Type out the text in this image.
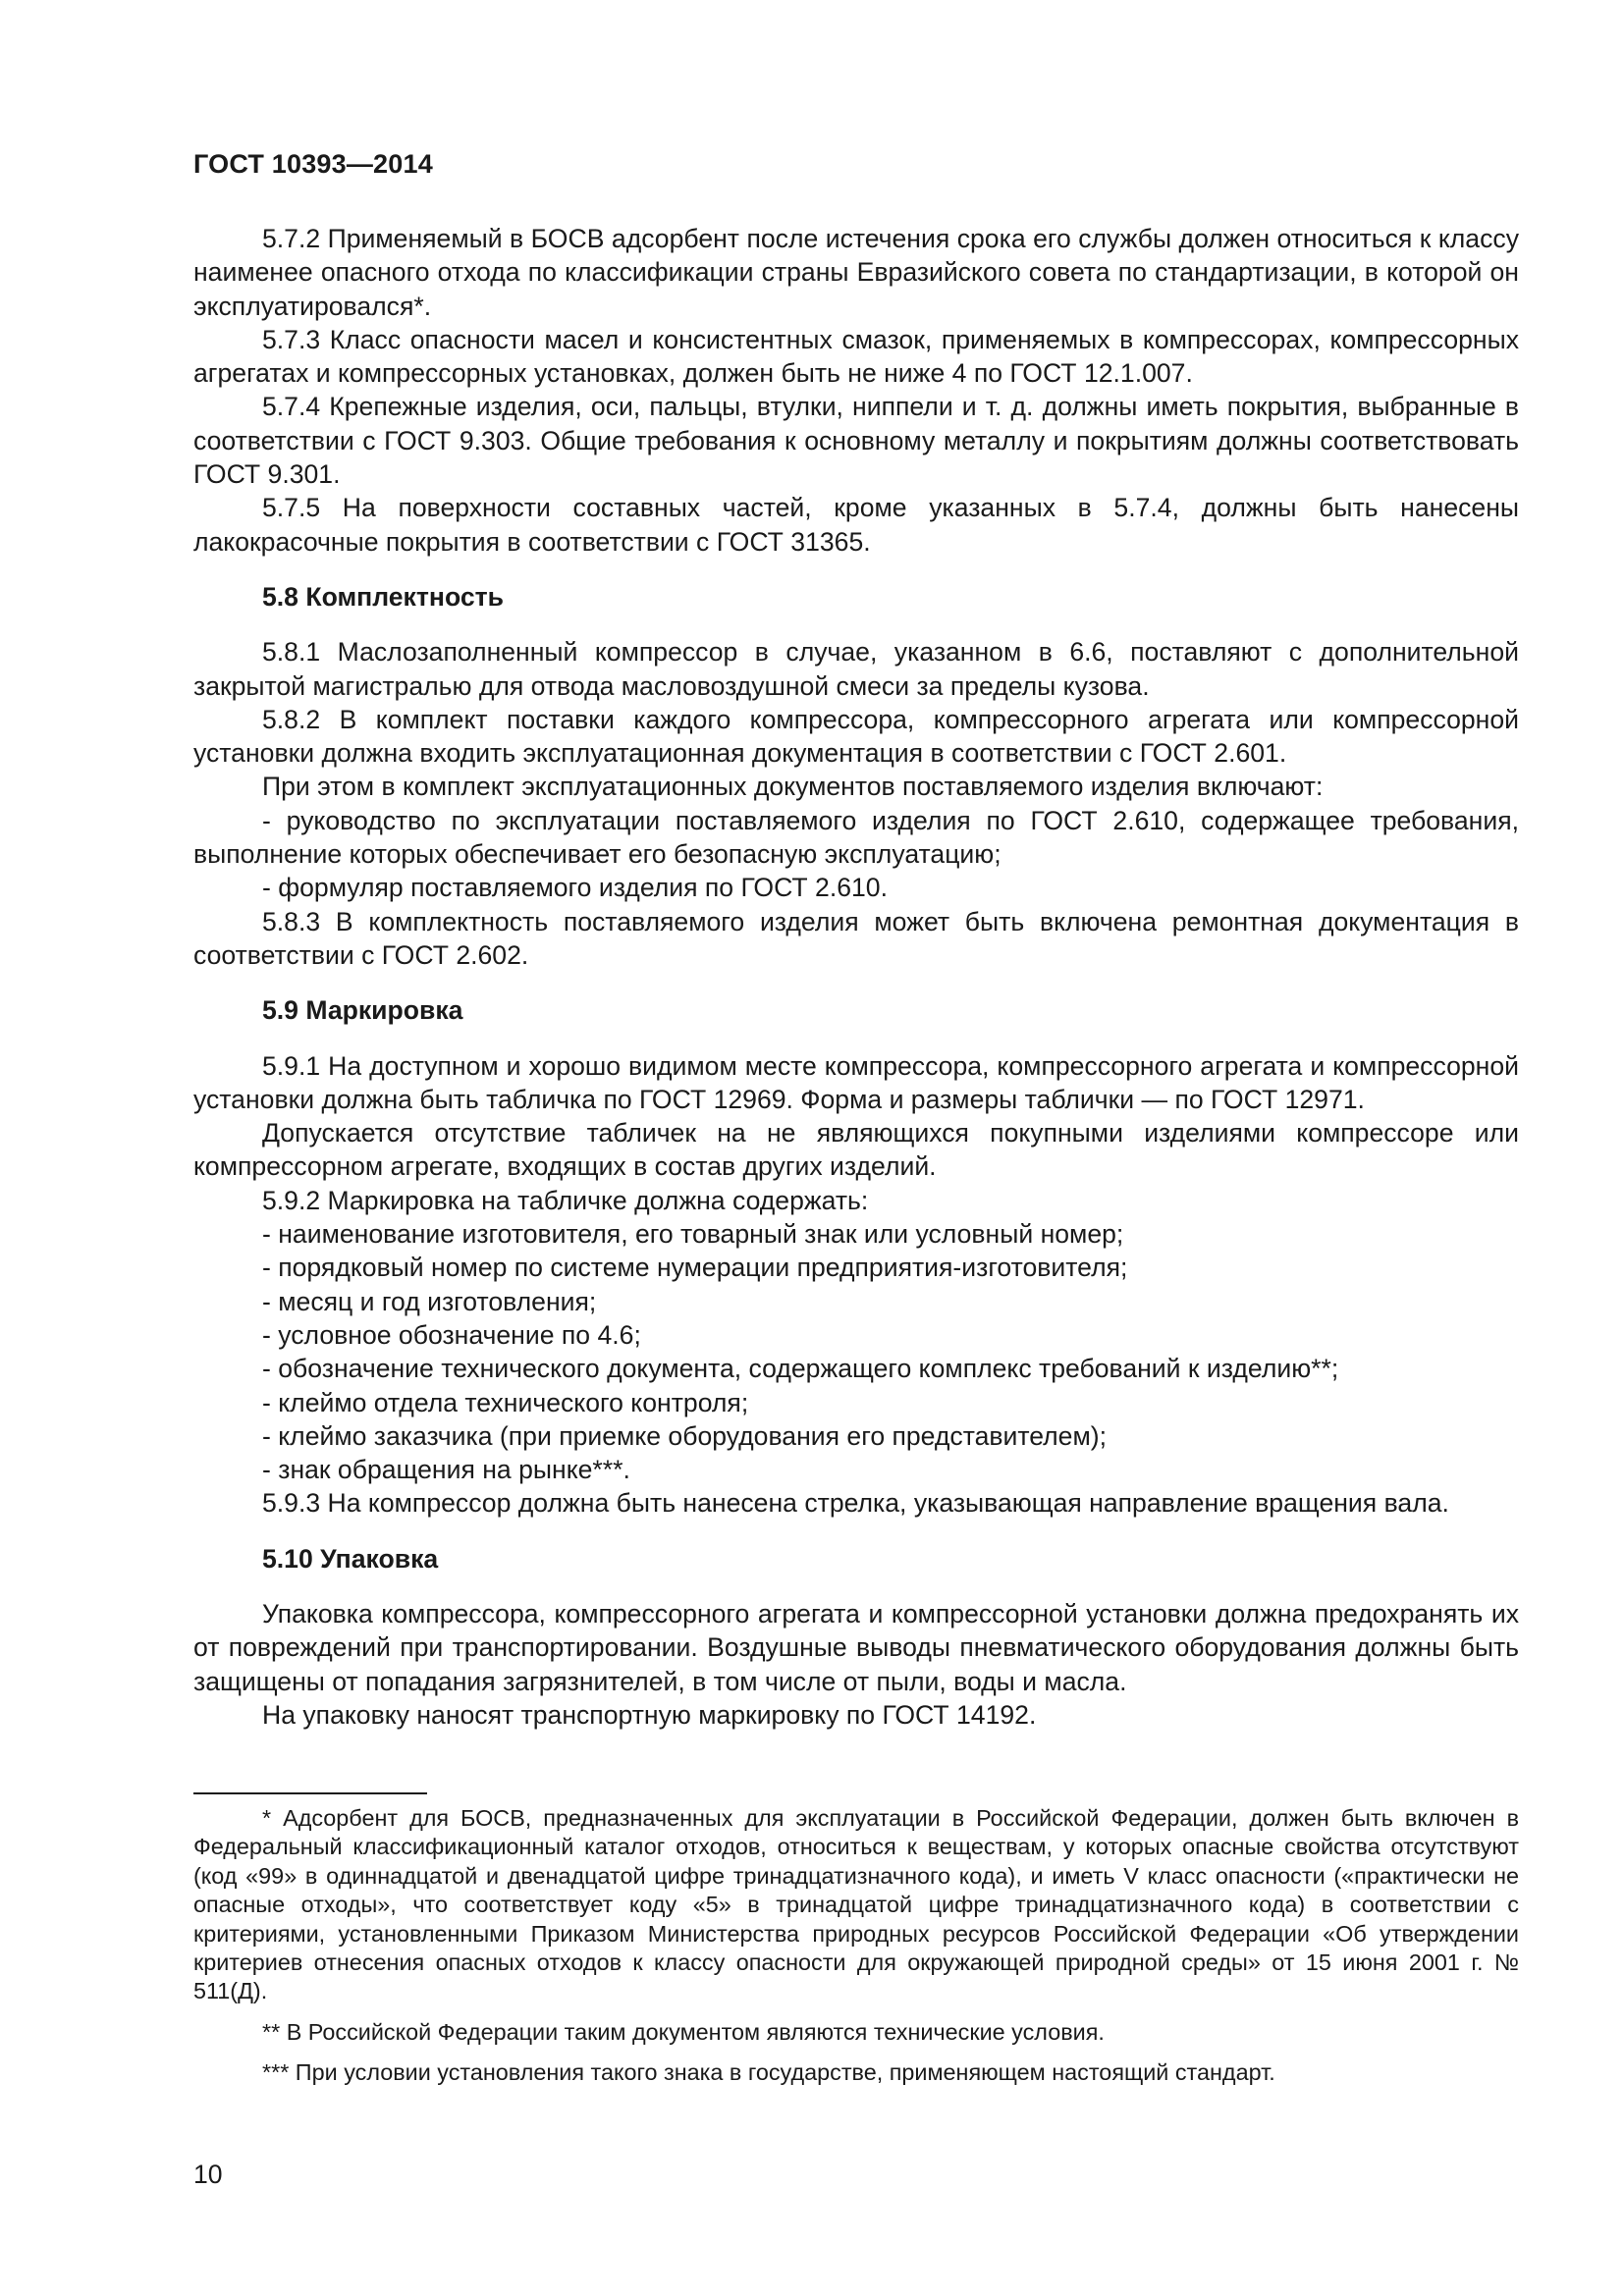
ГОСТ 10393—2014

5.7.2 Применяемый в БОСВ адсорбент после истечения срока его службы должен относиться к классу наименее опасного отхода по классификации страны Евразийского совета по стандартизации, в которой он эксплуатировался*.

5.7.3 Класс опасности масел и консистентных смазок, применяемых в компрессорах, компрессорных агрегатах и компрессорных установках, должен быть не ниже 4 по ГОСТ 12.1.007.

5.7.4 Крепежные изделия, оси, пальцы, втулки, ниппели и т. д. должны иметь покрытия, выбранные в соответствии с ГОСТ 9.303. Общие требования к основному металлу и покрытиям должны соответствовать ГОСТ 9.301.

5.7.5 На поверхности составных частей, кроме указанных в 5.7.4, должны быть нанесены лакокрасочные покрытия в соответствии с ГОСТ 31365.

5.8 Комплектность

5.8.1 Маслозаполненный компрессор в случае, указанном в 6.6, поставляют с дополнительной закрытой магистралью для отвода масловоздушной смеси за пределы кузова.

5.8.2 В комплект поставки каждого компрессора, компрессорного агрегата или компрессорной установки должна входить эксплуатационная документация в соответствии с ГОСТ 2.601.

При этом в комплект эксплуатационных документов поставляемого изделия включают:

- руководство по эксплуатации поставляемого изделия по ГОСТ 2.610, содержащее требования, выполнение которых обеспечивает его безопасную эксплуатацию;

- формуляр поставляемого изделия по ГОСТ 2.610.

5.8.3 В комплектность поставляемого изделия может быть включена ремонтная документация в соответствии с ГОСТ 2.602.

5.9 Маркировка

5.9.1 На доступном и хорошо видимом месте компрессора, компрессорного агрегата и компрессорной установки должна быть табличка по ГОСТ 12969. Форма и размеры таблички — по ГОСТ 12971.

Допускается отсутствие табличек на не являющихся покупными изделиями компрессоре или компрессорном агрегате, входящих в состав других изделий.

5.9.2 Маркировка на табличке должна содержать:

- наименование изготовителя, его товарный знак или условный номер;

- порядковый номер по системе нумерации предприятия-изготовителя;

- месяц и год изготовления;

- условное обозначение по 4.6;

- обозначение технического документа, содержащего комплекс требований к изделию**;

- клеймо отдела технического контроля;

- клеймо заказчика (при приемке оборудования его представителем);

- знак обращения на рынке***.

5.9.3 На компрессор должна быть нанесена стрелка, указывающая направление вращения вала.

5.10 Упаковка

Упаковка компрессора, компрессорного агрегата и компрессорной установки должна предохранять их от повреждений при транспортировании. Воздушные выводы пневматического оборудования должны быть защищены от попадания загрязнителей, в том числе от пыли, воды и масла.

На упаковку наносят транспортную маркировку по ГОСТ 14192.

* Адсорбент для БОСВ, предназначенных для эксплуатации в Российской Федерации, должен быть включен в Федеральный классификационный каталог отходов, относиться к веществам, у которых опасные свойства отсутствуют (код «99» в одиннадцатой и двенадцатой цифре тринадцатизначного кода), и иметь V класс опасности («практически не опасные отходы», что соответствует коду «5» в тринадцатой цифре тринадцатизначного кода) в соответствии с критериями, установленными Приказом Министерства природных ресурсов Российской Федерации «Об утверждении критериев отнесения опасных отходов к классу опасности для окружающей природной среды» от 15 июня 2001 г. № 511(Д).

** В Российской Федерации таким документом являются технические условия.

*** При условии установления такого знака в государстве, применяющем настоящий стандарт.

10
